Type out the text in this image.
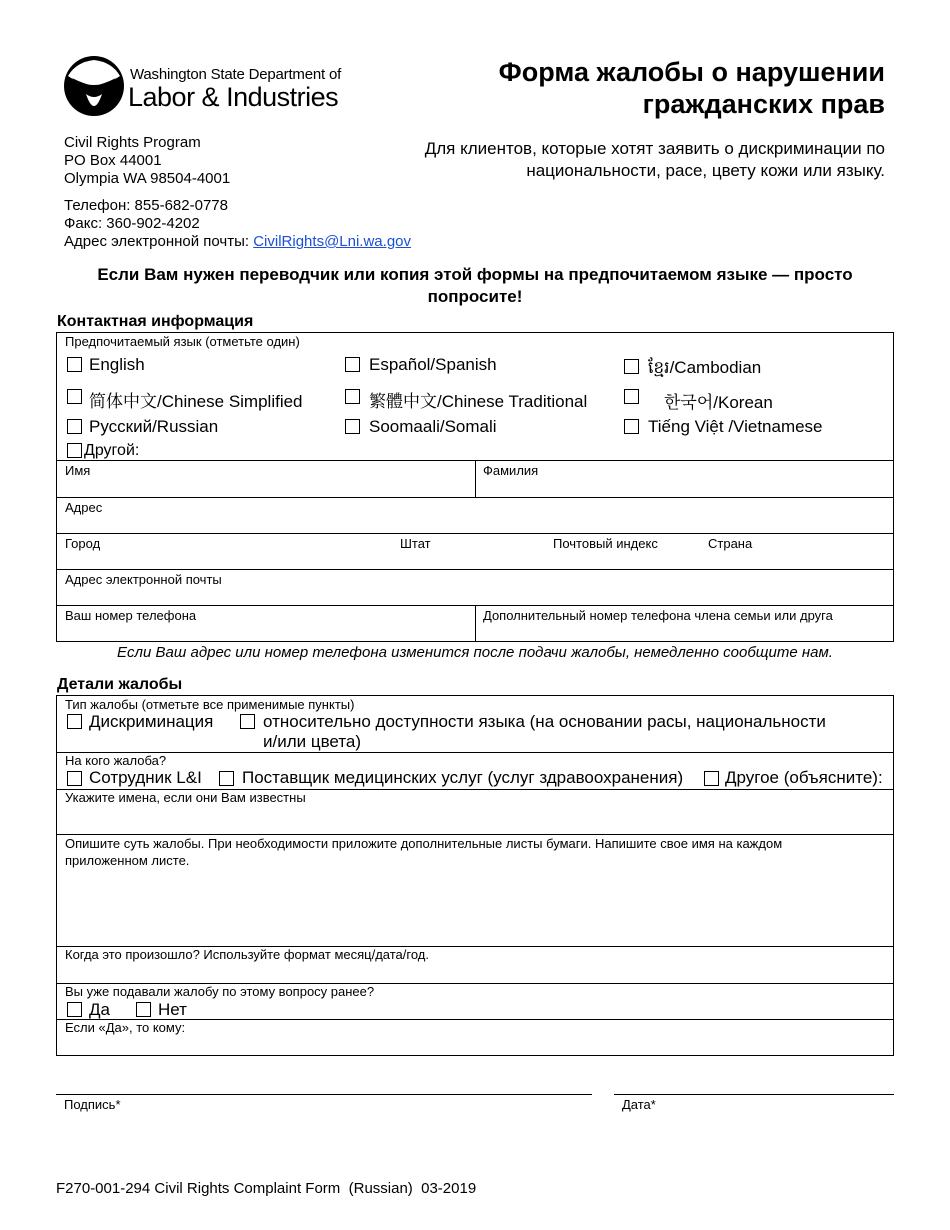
Washington State Department of
Labor & Industries
Форма жалобы о нарушении
гражданских прав
Для клиентов, которые хотят заявить о дискриминации по национальности, расе, цвету кожи или языку.
Civil Rights Program
PO Box 44001
Olympia WA 98504-4001
Телефон: 855-682-0778
Факс: 360-902-4202
Адрес электронной почты: CivilRights@Lni.wa.gov
Если Вам нужен переводчик или копия этой формы на предпочитаемом языке — просто попросите!
Контактная информация
Предпочитаемый язык (отметьте один)
English	Español/Spanish	ខ្មែរ/Cambodian
简体中文/Chinese Simplified	繁體中文/Chinese Traditional	한국어/Korean
Русский/Russian	Soomaali/Somali	Tiếng Việt /Vietnamese
Другой:
Имя	Фамилия
Адрес
Город	Штат	Почтовый индекс	Страна
Адрес электронной почты
Ваш номер телефона	Дополнительный номер телефона члена семьи или друга
Если Ваш адрес или номер телефона изменится после подачи жалобы, немедленно сообщите нам.
Детали жалобы
Тип жалобы (отметьте все применимые пункты)
Дискриминация	относительно доступности языка (на основании расы, национальности
и/или цвета)
На кого жалоба?
Сотрудник L&I Поставщик медицинских услуг (услуг здравоохранения) Другое (объясните):
Укажите имена, если они Вам известны
Опишите суть жалобы. При необходимости приложите дополнительные листы бумаги. Напишите свое имя на каждом приложенном листе.
Когда это произошло? Используйте формат месяц/дата/год.
Вы уже подавали жалобу по этому вопросу ранее?
Да	Нет
Если «Да», то кому:
Подпись*	Дата*
F270-001-294 Civil Rights Complaint Form  (Russian)  03-2019
